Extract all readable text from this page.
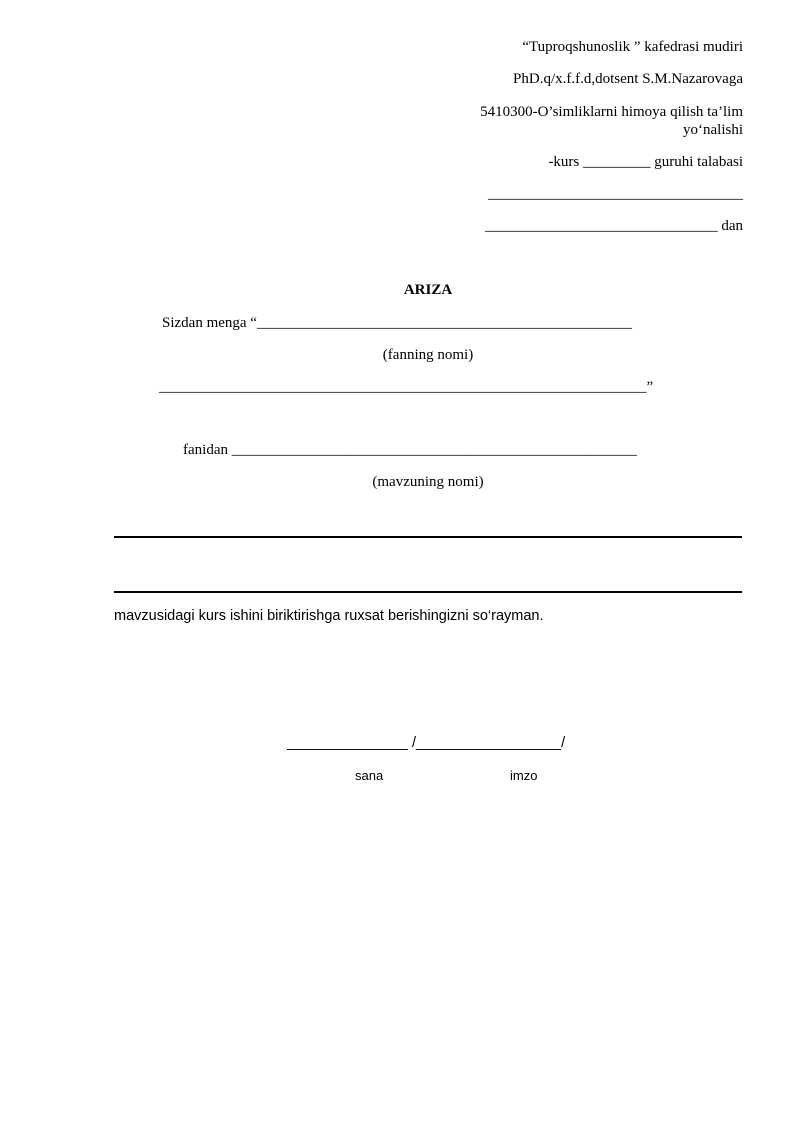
“Tuproqshunoslik ” kafedrasi mudiri
PhD.q/x.f.f.d,dotsent S.M.Nazarovaga
5410300-O’simliklarni himoya qilish ta’lim
yo‘nalishi
-kurs _________ guruhi talabasi
__________________________________
_______________________________ dan
ARIZA
Sizdan menga “__________________________________________________
(fanning nomi)
_________________________________________________________________”
fanidan ______________________________________________________
(mavzuning nomi)
mavzusidagi kurs ishini biriktirishga ruxsat berishingizni so‘rayman.
_______________ /__________________/
sana	imzo
